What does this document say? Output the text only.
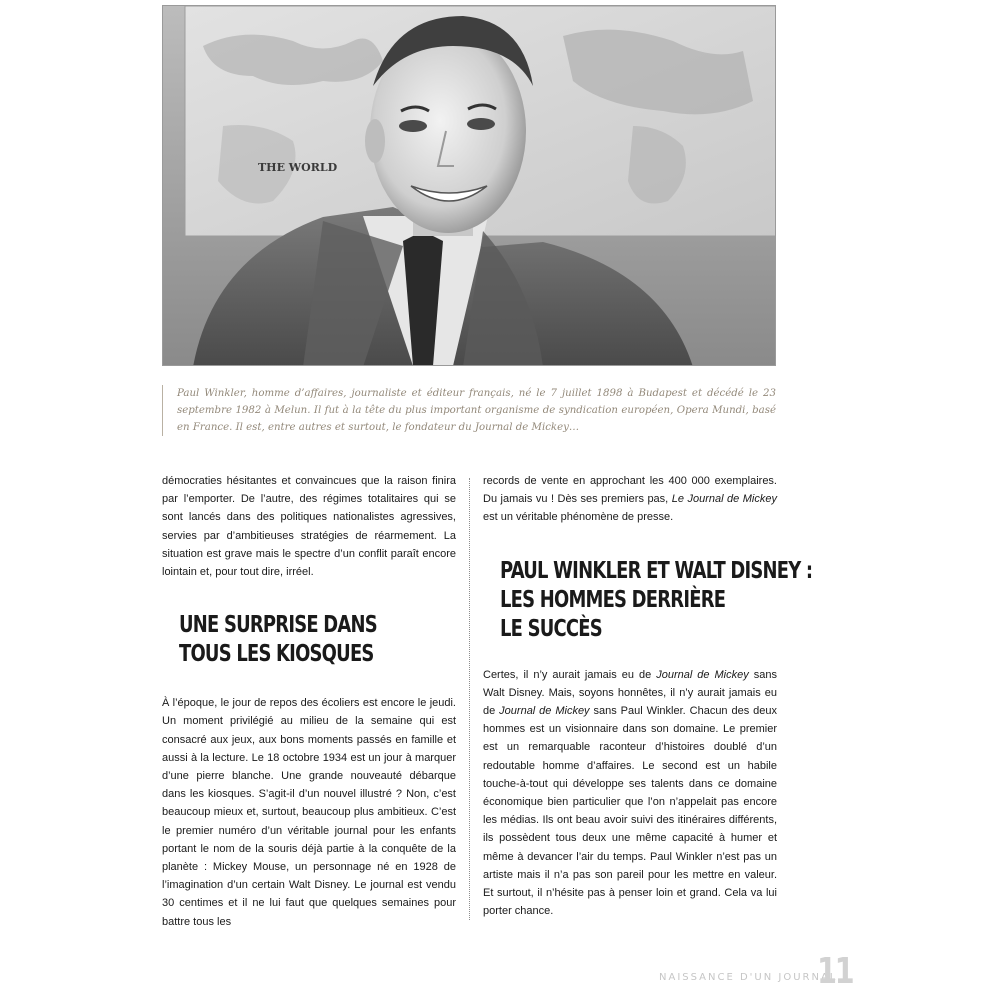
THE WORLD

Paul Winkler, homme d’affaires, journaliste et éditeur français, né le 7 juillet 1898 à Budapest et décédé le 23 septembre 1982 à Melun. Il fut à la tête du plus important organisme de syndication européen, Opera Mundi, basé en France. Il est, entre autres et surtout, le fondateur du Journal de Mickey…

démocraties hésitantes et convaincues que la raison finira par l’emporter. De l’autre, des régimes totalitaires qui se sont lancés dans des politiques nationalistes agressives, servies par d’ambitieuses stratégies de réarmement. La situation est grave mais le spectre d’un conflit paraît encore lointain et, pour tout dire, irréel.

UNE SURPRISE DANS
TOUS LES KIOSQUES

À l’époque, le jour de repos des écoliers est encore le jeudi. Un moment privilégié au milieu de la semaine qui est consacré aux jeux, aux bons moments passés en famille et aussi à la lecture. Le 18 octobre 1934 est un jour à marquer d’une pierre blanche. Une grande nouveauté débarque dans les kiosques. S’agit-il d’un nouvel illustré ? Non, c’est beaucoup mieux et, surtout, beaucoup plus ambitieux. C’est le premier numéro d’un véritable journal pour les enfants portant le nom de la souris déjà partie à la conquête de la planète : Mickey Mouse, un personnage né en 1928 de l’imagination d’un certain Walt Disney. Le journal est vendu 30 centimes et il ne lui faut que quelques semaines pour battre tous les

records de vente en approchant les 400 000 exemplaires. Du jamais vu ! Dès ses premiers pas, Le Journal de Mickey est un véritable phénomène de presse.

PAUL WINKLER ET WALT DISNEY :
LES HOMMES DERRIÈRE
LE SUCCÈS

Certes, il n’y aurait jamais eu de Journal de Mickey sans Walt Disney. Mais, soyons honnêtes, il n’y aurait jamais eu de Journal de Mickey sans Paul Winkler. Chacun des deux hommes est un visionnaire dans son domaine. Le premier est un remarquable raconteur d’histoires doublé d’un redoutable homme d’affaires. Le second est un habile touche-à-tout qui développe ses talents dans ce domaine économique bien particulier que l’on n’appelait pas encore les médias. Ils ont beau avoir suivi des itinéraires différents, ils possèdent tous deux une même capacité à humer et même à devancer l’air du temps. Paul Winkler n’est pas un artiste mais il n’a pas son pareil pour les mettre en valeur. Et surtout, il n’hésite pas à penser loin et grand. Cela va lui porter chance.

NAISSANCE D'UN JOURNAL
11
